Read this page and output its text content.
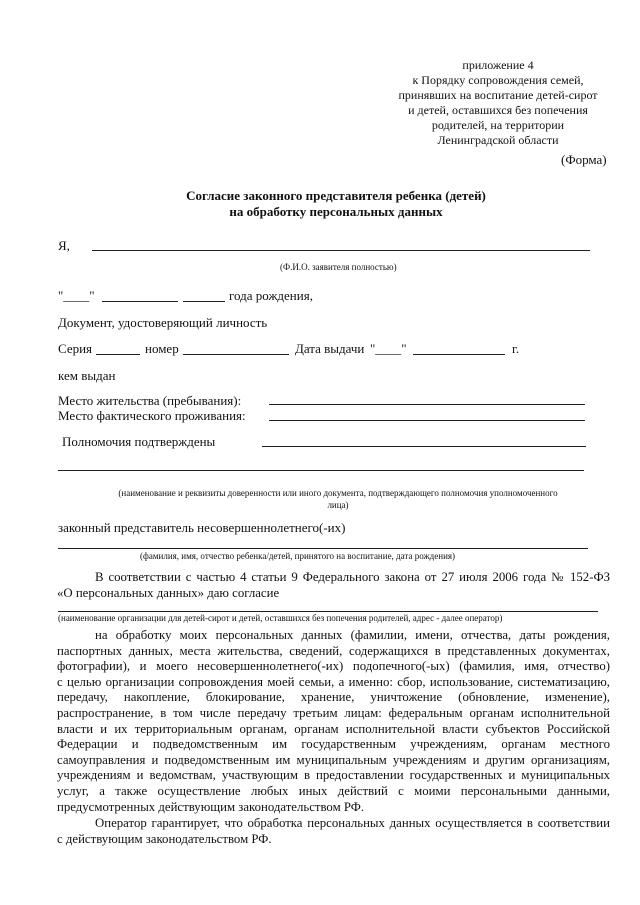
приложение 4
к Порядку сопровождения семей,
принявших на воспитание детей-сирот
и детей, оставшихся без попечения
родителей, на территории
Ленинградской области
(Форма)
Согласие законного представителя ребенка (детей)
на обработку персональных данных
Я,
(Ф.И.О. заявителя полностью)
"____"	года рождения,
Документ, удостоверяющий личность
Серия	номер	Дата выдачи "____"	г.
кем выдан
Место жительства (пребывания):
Место фактического проживания:
Полномочия подтверждены
(наименование и реквизиты доверенности или иного документа, подтверждающего полномочия уполномоченного
лица)
законный представитель несовершеннолетнего(-их)
(фамилия, имя, отчество ребенка/детей, принятого на воспитание, дата рождения)
В соответствии с частью 4 статьи 9 Федерального закона от 27 июля 2006 года № 152-ФЗ
«О персональных данных» даю согласие
(наименование организации для детей-сирот и детей, оставшихся без попечения родителей, адрес - далее оператор)
на обработку моих персональных данных (фамилии, имени, отчества, даты рождения,
паспортных данных, места жительства, сведений, содержащихся в представленных документах,
фотографии), и моего несовершеннолетнего(-их) подопечного(-ых) (фамилия, имя, отчество)
с целью организации сопровождения моей семьи, а именно: сбор, использование, систематизацию,
передачу, накопление, блокирование, хранение, уничтожение (обновление, изменение),
распространение, в том числе передачу третьим лицам: федеральным органам исполнительной
власти и их территориальным органам, органам исполнительной власти субъектов Российской
Федерации и подведомственным им государственным учреждениям, органам местного
самоуправления и подведомственным им муниципальным учреждениям и другим организациям,
учреждениям и ведомствам, участвующим в предоставлении государственных и муниципальных
услуг, а также осуществление любых иных действий с моими персональными данными,
предусмотренных действующим законодательством РФ.
Оператор гарантирует, что обработка персональных данных осуществляется в соответствии
с действующим законодательством РФ.
